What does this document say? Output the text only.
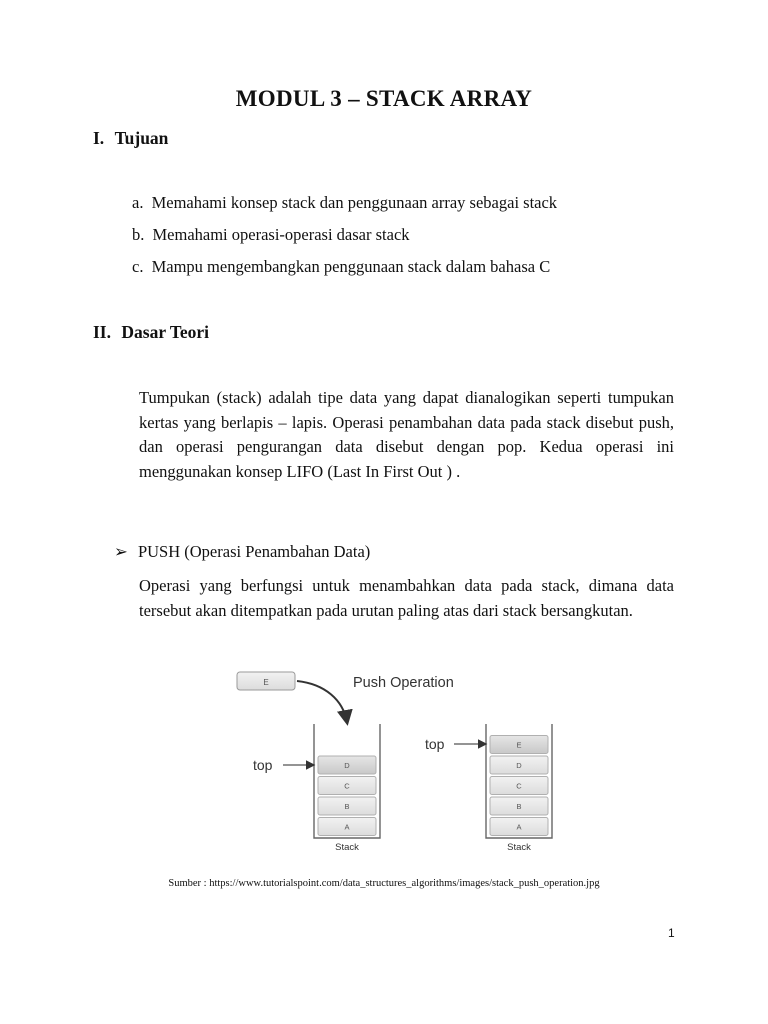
MODUL 3 – STACK ARRAY
I. Tujuan
a. Memahami konsep stack dan penggunaan array sebagai stack
b. Memahami operasi-operasi dasar stack
c. Mampu mengembangkan penggunaan stack dalam bahasa C
II. Dasar Teori
Tumpukan (stack) adalah tipe data yang dapat dianalogikan seperti tumpukan kertas yang berlapis – lapis. Operasi penambahan data pada stack disebut push, dan operasi pengurangan data disebut dengan pop. Kedua operasi ini menggunakan konsep LIFO (Last In First Out ) .
➢ PUSH (Operasi Penambahan Data)
Operasi yang berfungsi untuk menambahkan data pada stack, dimana data tersebut akan ditempatkan pada urutan paling atas dari stack bersangkutan.
E	Push Operation
D
C
B
A
Stack
top
E
D
C
B
A
Stack
top
Sumber : https://www.tutorialspoint.com/data_structures_algorithms/images/stack_push_operation.jpg
1
